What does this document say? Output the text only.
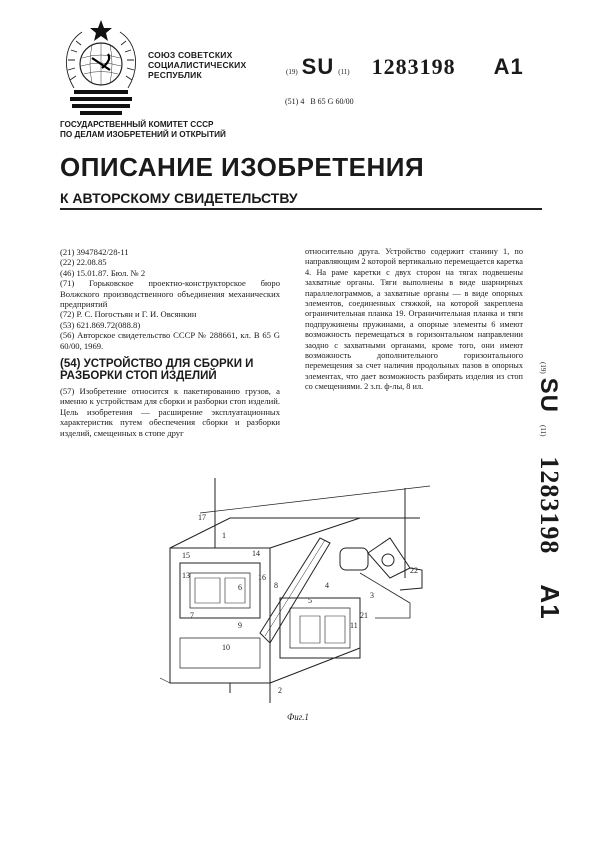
СОЮЗ СОВЕТСКИХ
СОЦИАЛИСТИЧЕСКИХ
РЕСПУБЛИК	(19) SU (11) 1283198 A1
(51) 4 В 65 G 60/00
ГОСУДАРСТВЕННЫЙ КОМИТЕТ СССР
ПО ДЕЛАМ ИЗОБРЕТЕНИЙ И ОТКРЫТИЙ
ОПИСАНИЕ ИЗОБРЕТЕНИЯ
К АВТОРСКОМУ СВИДЕТЕЛЬСТВУ
(21) 3947842/28-11
(22) 22.08.85
(46) 15.01.87. Бюл. № 2
(71) Горьковское проектно-конструкторское бюро Волжского производственного объединения механических предприятий
(72) Р. С. Погостьян и Г. И. Овсянкин
(53) 621.869.72(088.8)
(56) Авторское свидетельство СССР № 288661, кл. В 65 G 60/00, 1969.
(54) УСТРОЙСТВО ДЛЯ СБОРКИ И РАЗБОРКИ СТОП ИЗДЕЛИЙ
(57) Изобретение относится к пакетированию грузов, а именно к устройствам для сборки и разборки стоп изделий. Цель изобретения — расширение эксплуатационных характеристик путем обеспечения сборки и разборки изделий, смещенных в стопе друг
относительно друга. Устройство содержит станину 1, по направляющим 2 которой вертикально перемещается каретка 4. На раме каретки с двух сторон на тягах подвешены захватные органы. Тяги выполнены в виде шарнирных параллелограммов, а захватные органы — в виде опорных элементов, соединенных стяжкой, на которой закреплена ограничительная планка 19. Ограничительная планка и тяги подпружинены пружинами, а опорные элементы 6 имеют возможность перемещаться в горизонтальном направлении заодно с захватными органами, кроме того, они имеют возможность дополнительного горизонтального перемещения за счет наличия продольных пазов в опорных элементах, что дает возможность разбирать изделия из стоп со смещениями. 2 з.п. ф-лы, 8 ил.
(19) SU (11) 1283198 A1
17
1
15	14
13	16
6	8
7
9
4
5
11
10
3
21
22
2
Фиг.1
